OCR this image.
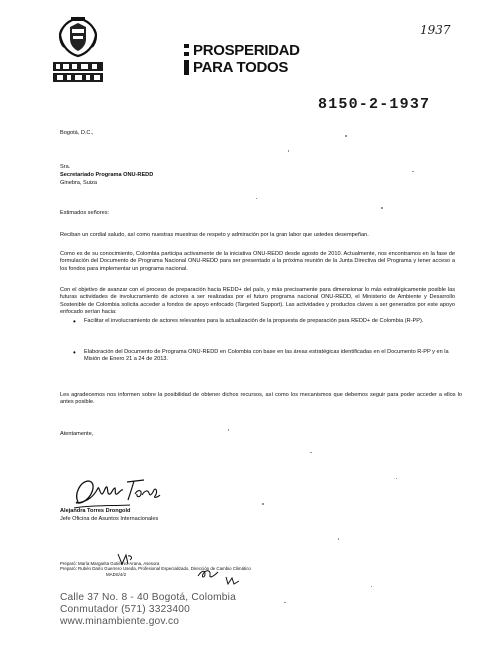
PROSPERIDAD
PARA TODOS
1937
8150-2-1937
Bogotá, D.C.,
Sra.
Secretariado Programa ONU-REDD
Ginebra, Suiza
Estimados señores:
Reciban un cordial saludo, así como nuestras muestras de respeto y admiración por la gran labor que ustedes desempeñan.
Como es de su conocimiento, Colombia participa activamente de la iniciativa ONU-REDD desde agosto de 2010. Actualmente, nos encontramos en la fase de formulación del Documento de Programa Nacional ONU-REDD para ser presentado a la próxima reunión de la Junta Directiva del Programa y tener acceso a los fondos para implementar un programa nacional.
Con el objetivo de avanzar con el proceso de preparación hacia REDD+ del país, y más precisamente para dimensionar lo más estratégicamente posible las futuras actividades de involucramiento de actores a ser realizadas por el futuro programa nacional ONU-REDD, el Ministerio de Ambiente y Desarrollo Sostenible de Colombia solicita acceder a fondos de apoyo enfocado (Targeted Support). Las actividades y productos claves a ser generados por este apoyo enfocado serían hacia:
• Facilitar el involucramiento de actores relevantes para la actualización de la propuesta de preparación para REDD+ de Colombia (R-PP).
• Elaboración del Documento de Programa ONU-REDD en Colombia con base en las áreas estratégicas identificadas en el Documento R-PP y en la Misión de Enero 21 a 24 de 2013.
Les agradecemos nos informen sobre la posibilidad de obtener dichos recursos, así como los mecanismos que debemos seguir para poder acceder a ellos lo antes posible.
Atentamente,
Alejandra Torres Drongold
Jefe Oficina de Asuntos Internacionales
Preparó: María Margarita Gutiérrez Arana, Asesora
Preparó: Rubén Darío Guerrero Useda, Profesional Especializado, Dirección de Cambio Climático
MADS/4/2
Calle 37 No. 8 - 40 Bogotá, Colombia
Conmutador (571) 3323400
www.minambiente.gov.co
